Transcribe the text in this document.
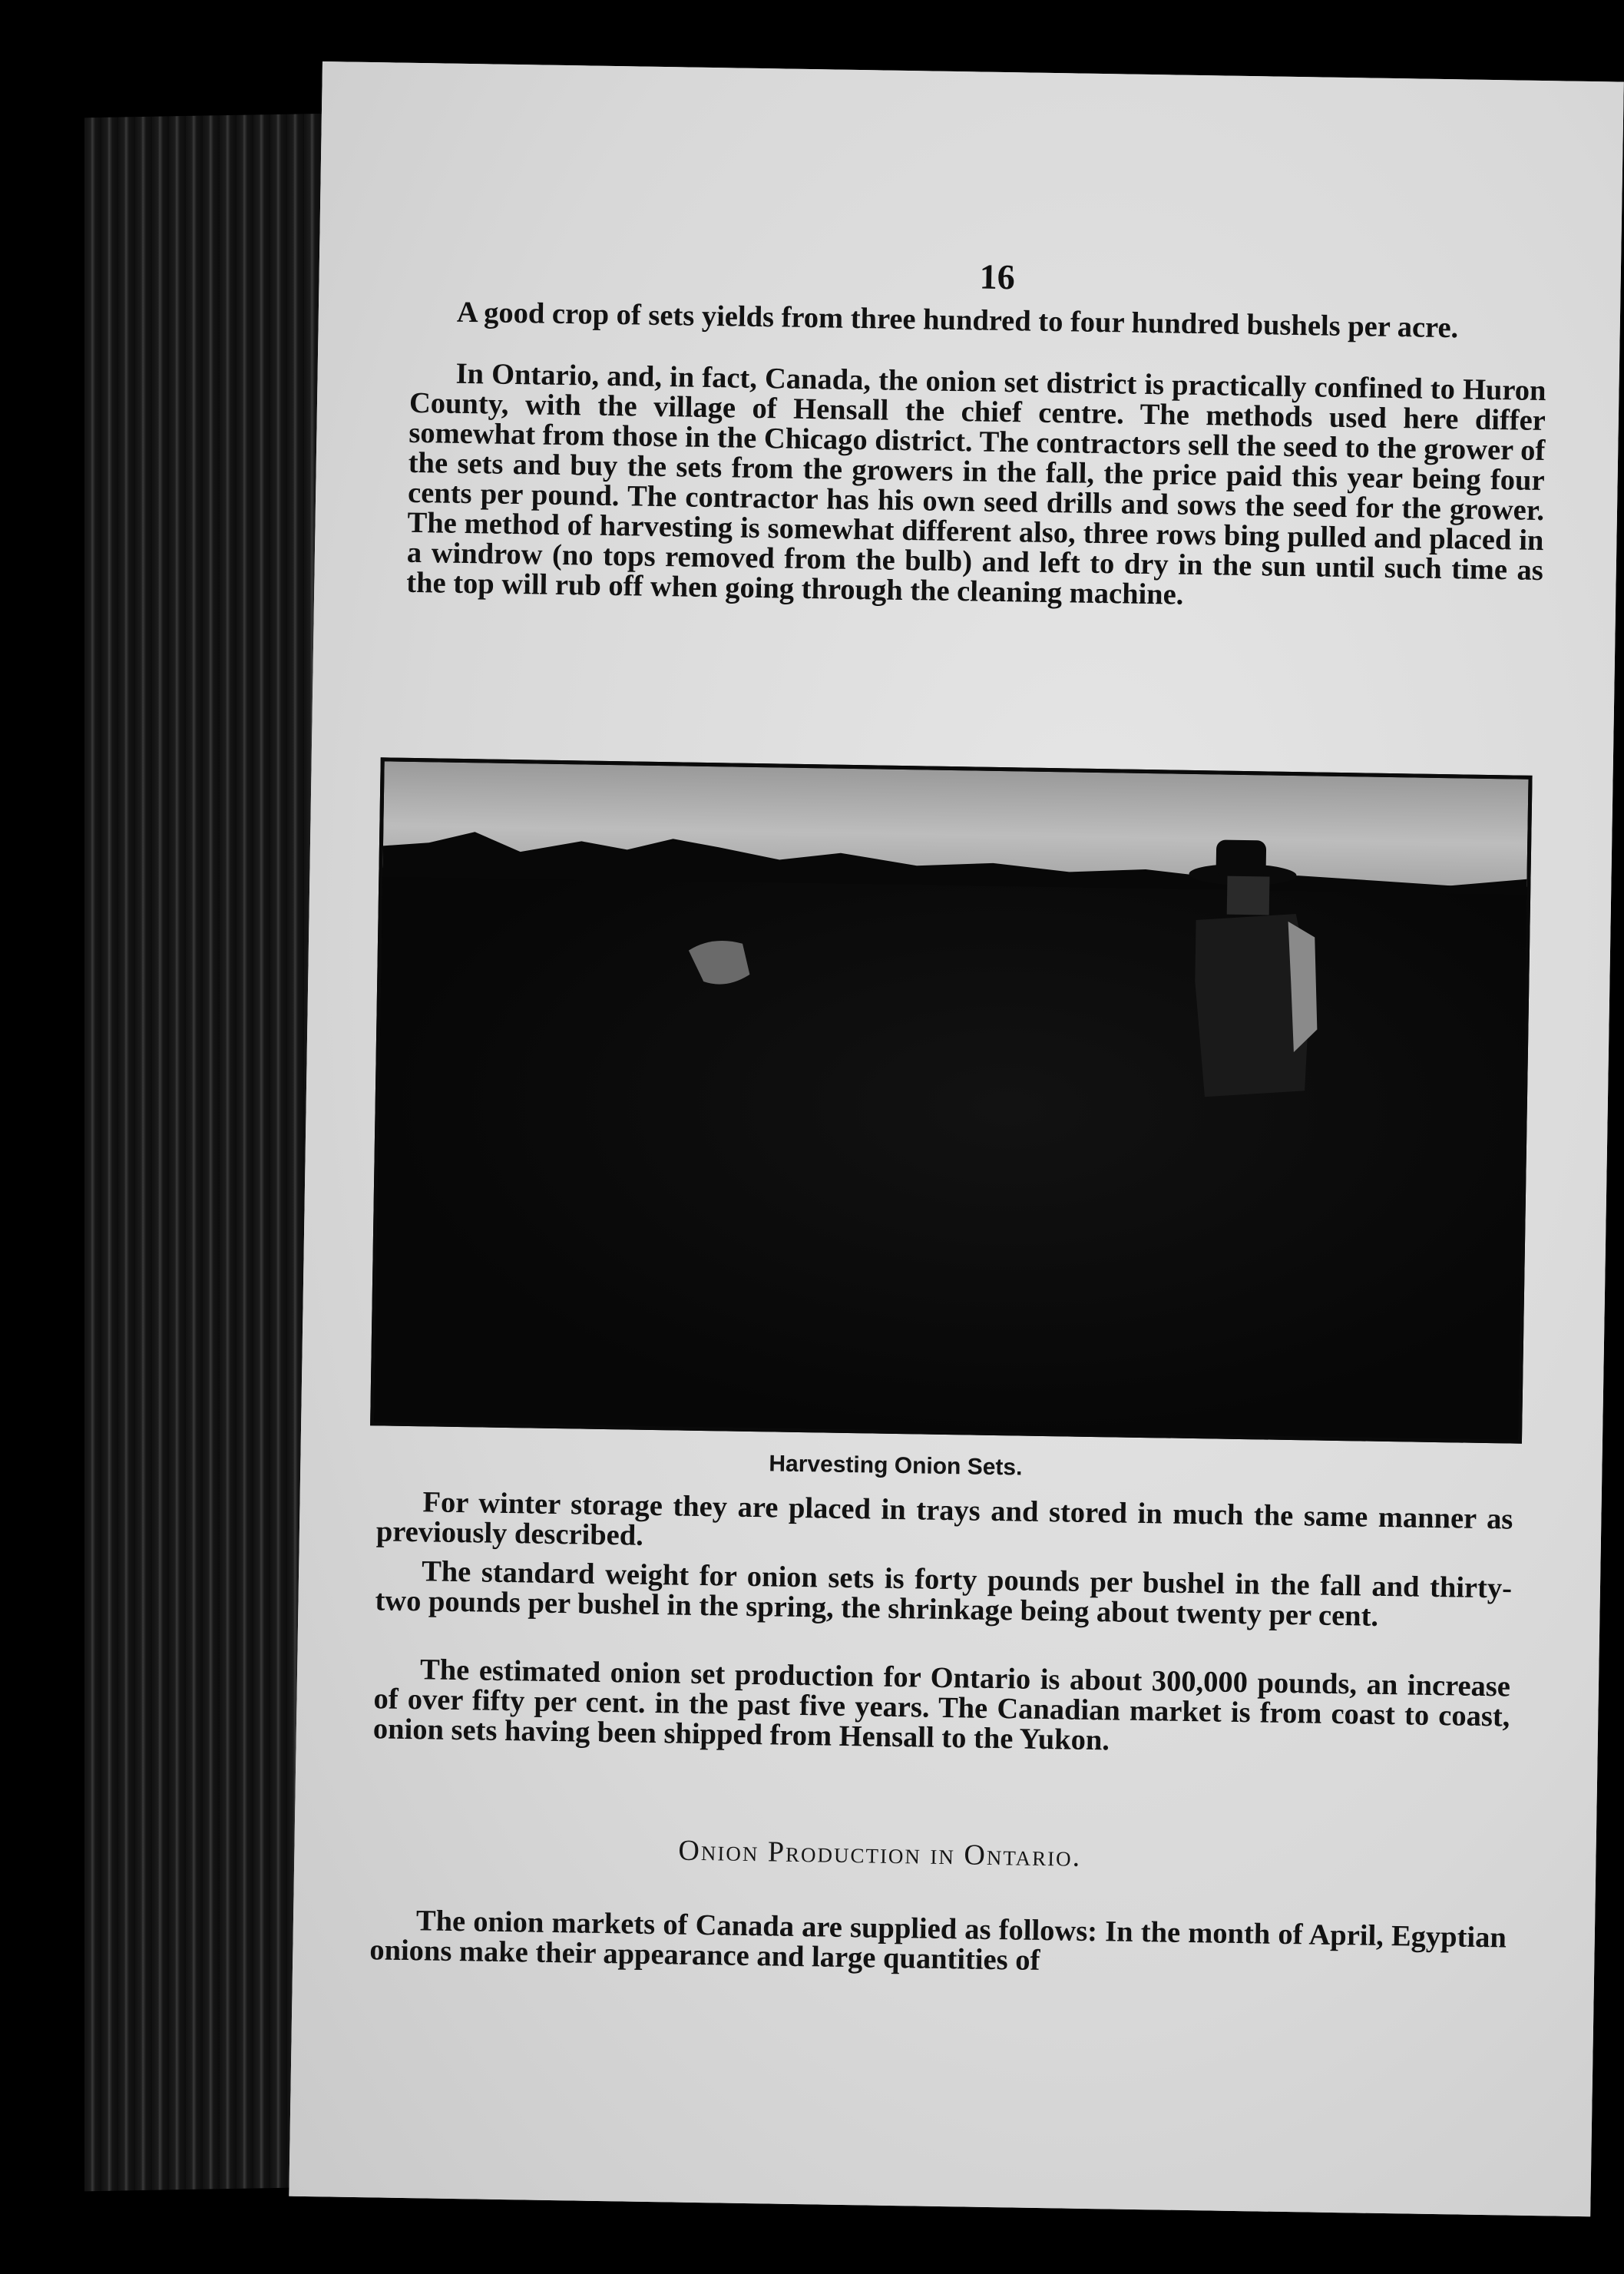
16

A good crop of sets yields from three hundred to four hundred bushels per acre.

In Ontario, and, in fact, Canada, the onion set district is practically confined to Huron County, with the village of Hensall the chief centre. The methods used here differ somewhat from those in the Chicago district. The contractors sell the seed to the grower of the sets and buy the sets from the growers in the fall, the price paid this year being four cents per pound. The contractor has his own seed drills and sows the seed for the grower. The method of harvesting is somewhat different also, three rows bing pulled and placed in a windrow (no tops removed from the bulb) and left to dry in the sun until such time as the top will rub off when going through the cleaning machine.

Harvesting Onion Sets.

For winter storage they are placed in trays and stored in much the same manner as previously described.

The standard weight for onion sets is forty pounds per bushel in the fall and thirty-two pounds per bushel in the spring, the shrinkage being about twenty per cent.

The estimated onion set production for Ontario is about 300,000 pounds, an increase of over fifty per cent. in the past five years. The Canadian market is from coast to coast, onion sets having been shipped from Hensall to the Yukon.

Onion Production in Ontario.

The onion markets of Canada are supplied as follows: In the month of April, Egyptian onions make their appearance and large quantities of
